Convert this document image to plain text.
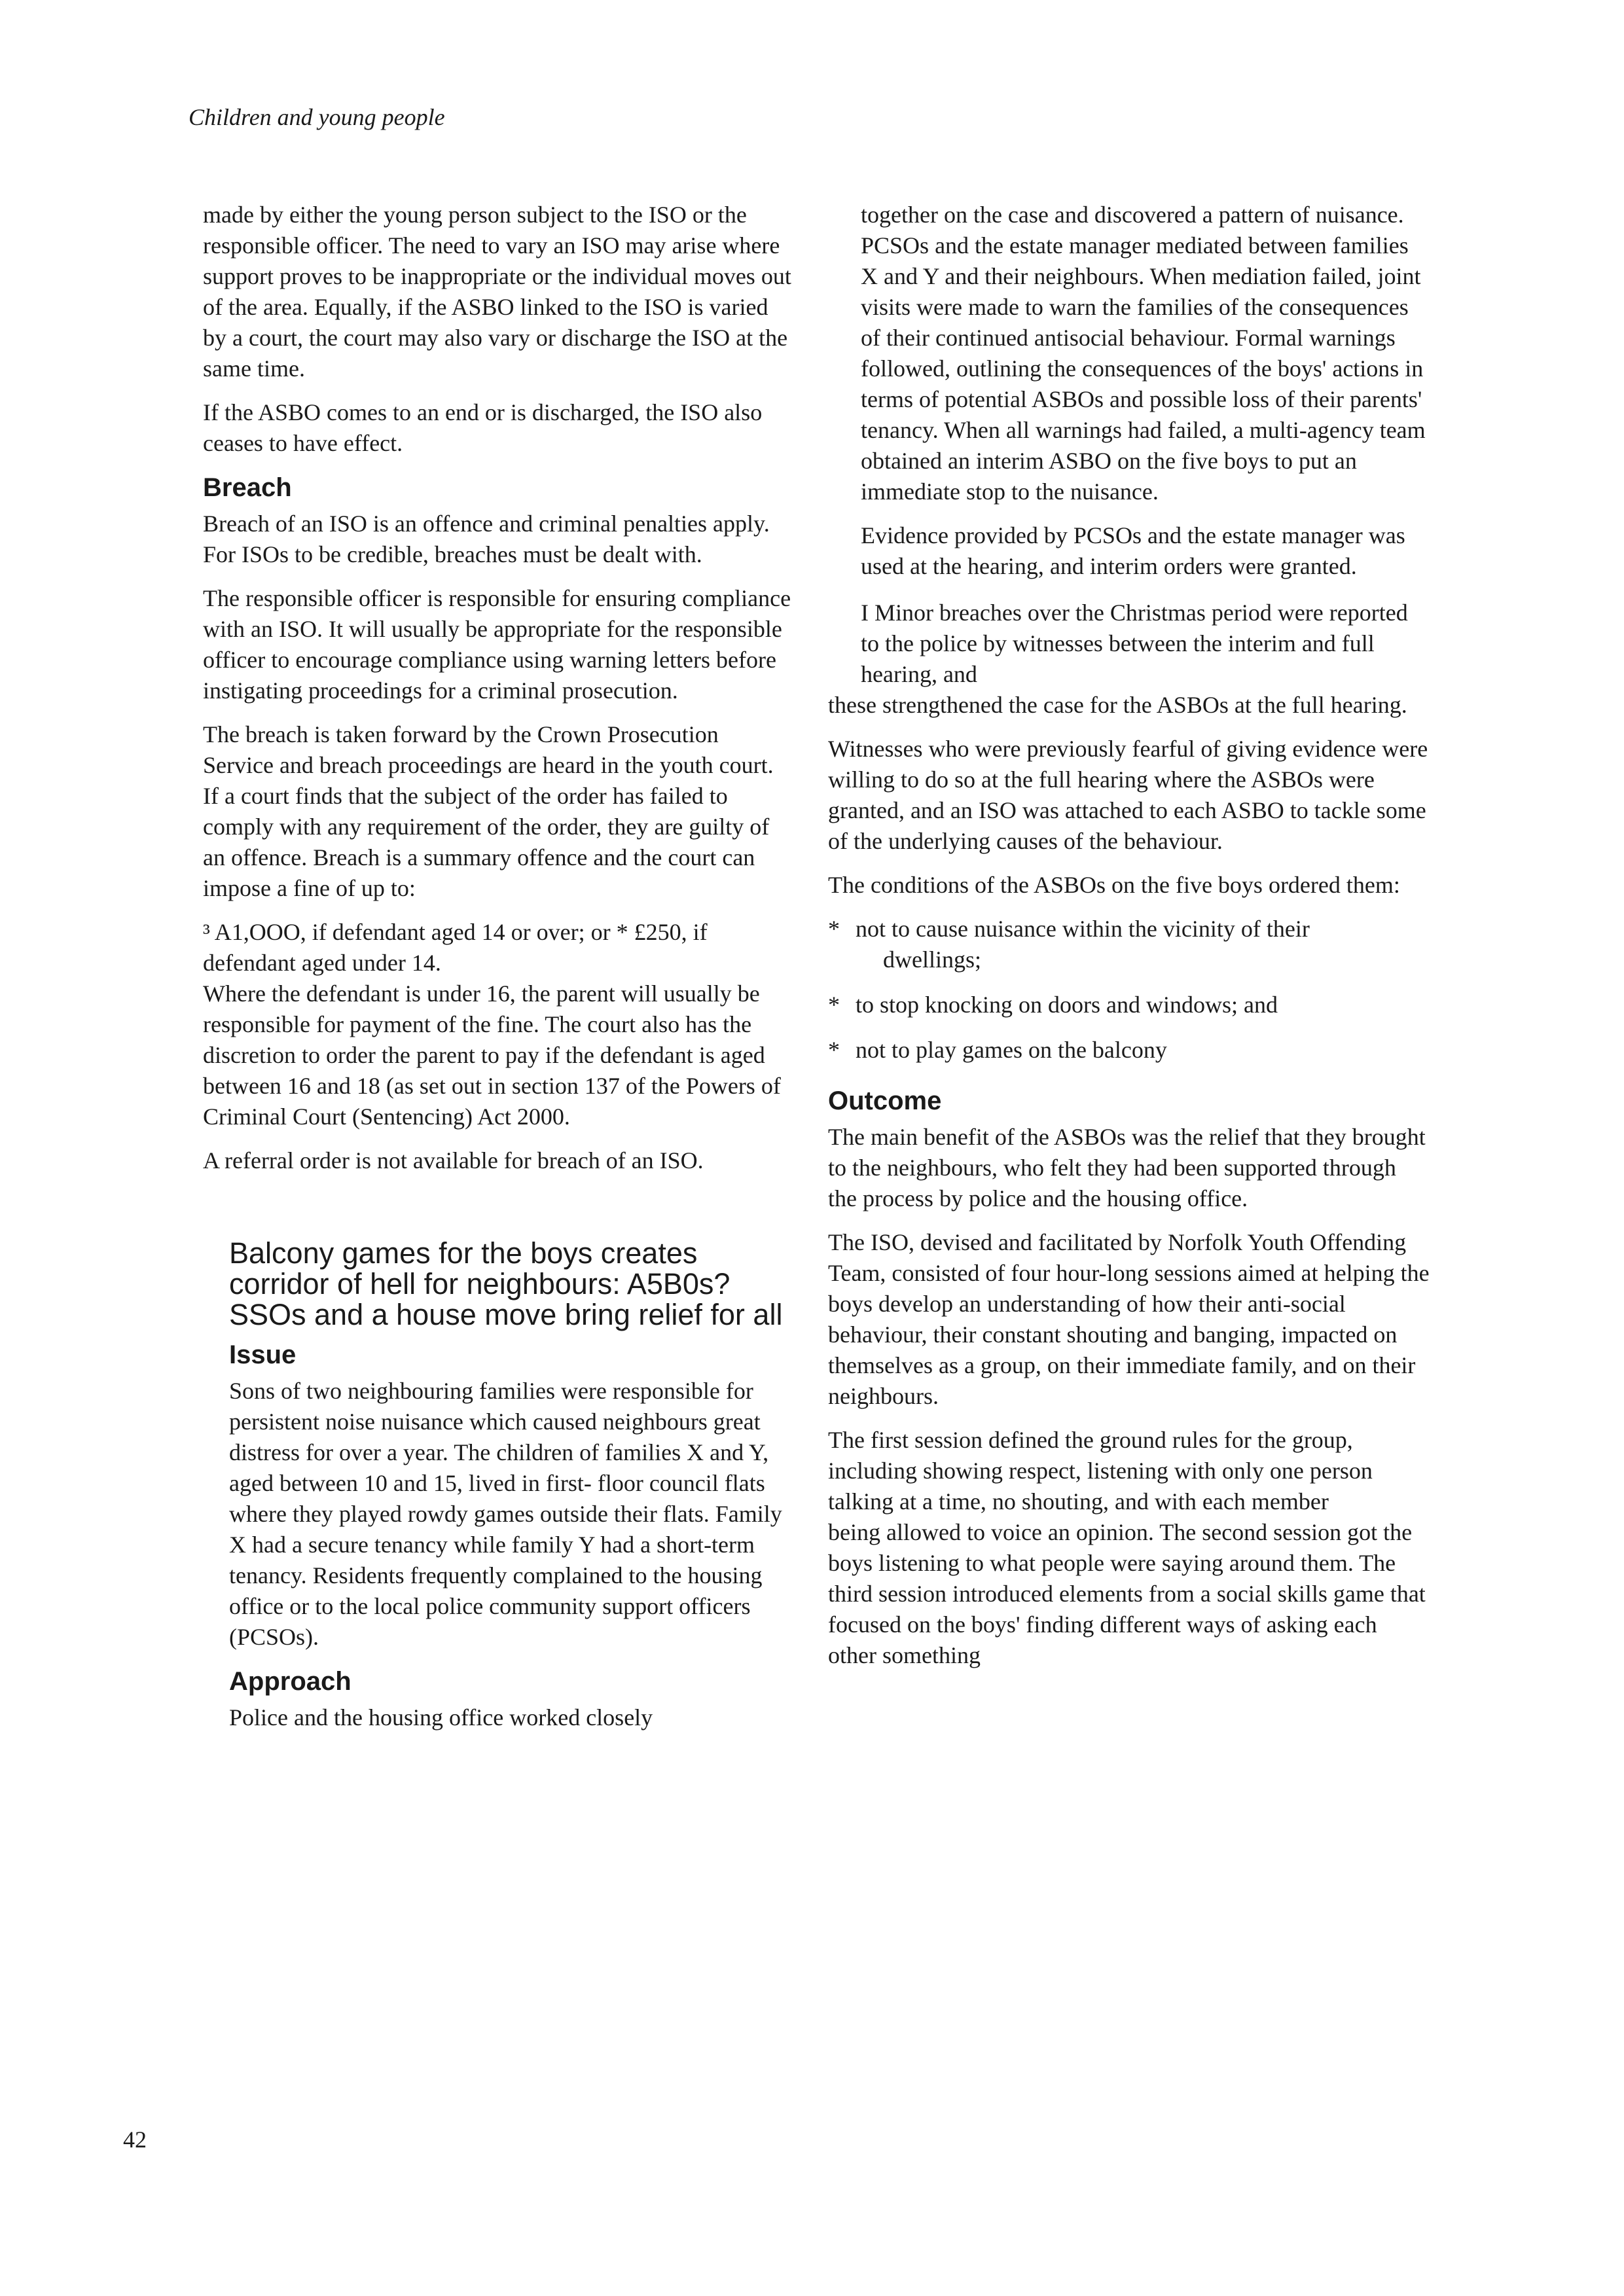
Children and young people

made by either the young person subject to the ISO or the responsible officer. The need to vary an ISO may arise where support proves to be inappropriate or the individual moves out of the area. Equally, if the ASBO linked to the ISO is varied by a court, the court may also vary or discharge the ISO at the same time.

If the ASBO comes to an end or is discharged, the ISO also ceases to have effect.

Breach

Breach of an ISO is an offence and criminal penalties apply. For ISOs to be credible, breaches must be dealt with.

The responsible officer is responsible for ensuring compliance with an ISO. It will usually be appropriate for the responsible officer to encourage compliance using warning letters before instigating proceedings for a criminal prosecution.

The breach is taken forward by the Crown Prosecution Service and breach proceedings are heard in the youth court. If a court finds that the subject of the order has failed to comply with any requirement of the order, they are guilty of an offence. Breach is a summary offence and the court can impose a fine of up to:

³ A1,OOO, if defendant aged 14 or over; or * £250, if defendant aged under 14.

Where the defendant is under 16, the parent will usually be responsible for payment of the fine. The court also has the discretion to order the parent to pay if the defendant is aged between 16 and 18 (as set out in section 137 of the Powers of Criminal Court (Sentencing) Act 2000.

A referral order is not available for breach of an ISO.

Balcony games for the boys creates corridor of hell for neighbours: A5B0s? SSOs and a house move bring relief for all
Issue

Sons of two neighbouring families were responsible for persistent noise nuisance which caused neighbours great distress for over a year. The children of families X and Y, aged between 10 and 15, lived in first- floor council flats where they played rowdy games outside their flats. Family X had a secure tenancy while family Y had a short-term tenancy. Residents frequently complained to the housing office or to the local police community support officers (PCSOs).

Approach

Police and the housing office worked closely

together on the case and discovered a pattern of nuisance. PCSOs and the estate manager mediated between families X and Y and their neighbours. When mediation failed, joint visits were made to warn the families of the consequences of their continued antisocial behaviour. Formal warnings followed, outlining the consequences of the boys' actions in terms of potential ASBOs and possible loss of their parents' tenancy. When all warnings had failed, a multi-agency team obtained an interim ASBO on the five boys to put an immediate stop to the nuisance.

Evidence provided by PCSOs and the estate manager was used at the hearing, and interim orders were granted.

I Minor breaches over the Christmas period were reported to the police by witnesses between the interim and full hearing, and

these strengthened the case for the ASBOs at the full hearing.

Witnesses who were previously fearful of giving evidence were willing to do so at the full hearing where the ASBOs were granted, and an ISO was attached to each ASBO to tackle some of the underlying causes of the behaviour.

The conditions of the ASBOs on the five boys ordered them:

* not to cause nuisance within the vicinity of their
dwellings;
* to stop knocking on doors and windows; and
* not to play games on the balcony
Outcome

The main benefit of the ASBOs was the relief that they brought to the neighbours, who felt they had been supported through the process by police and the housing office.

The ISO, devised and facilitated by Norfolk Youth Offending Team, consisted of four hour-long sessions aimed at helping the boys develop an understanding of how their anti-social behaviour, their constant shouting and banging, impacted on themselves as a group, on their immediate family, and on their neighbours.

The first session defined the ground rules for the group, including showing respect, listening with only one person talking at a time, no shouting, and with each member

being allowed to voice an opinion. The second session got the boys listening to what people were saying around them. The third session introduced elements from a social skills game that focused on the boys' finding different ways of asking each other something

42
